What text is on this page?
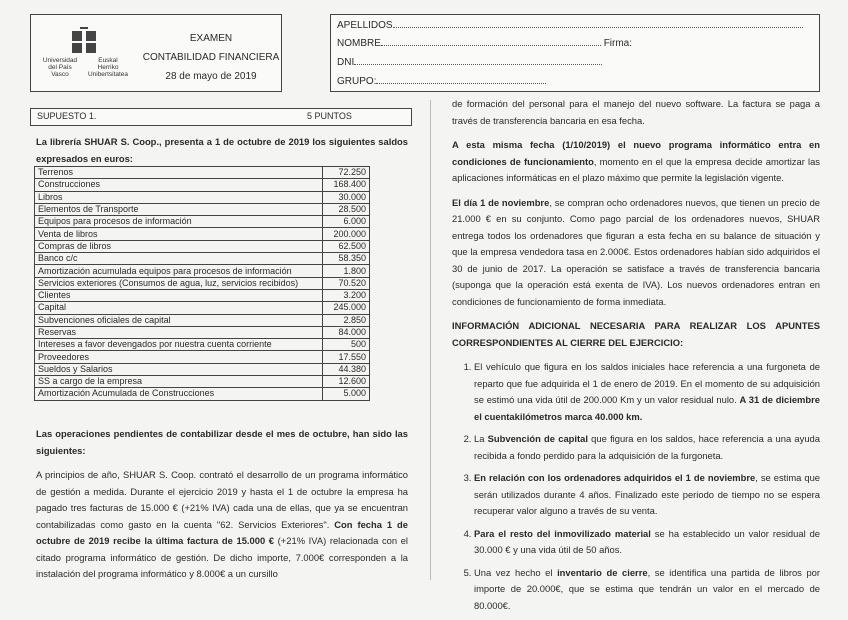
Universidad del País Vasco
Euskal Herriko Unibertsitatea
EXAMEN
CONTABILIDAD FINANCIERA
28 de mayo de 2019
APELLIDOS
NOMBRE	Firma:
DNI
GRUPO:
SUPUESTO 1.	5 PUNTOS

La librería SHUAR S. Coop., presenta a 1 de octubre de 2019 los siguientes saldos expresados en euros:

Terrenos	72.250
Construcciones	168.400
Libros	30.000
Elementos de Transporte	28.500
Equipos para procesos de información	6.000
Venta de libros	200.000
Compras de libros	62.500
Banco c/c	58.350
Amortización acumulada equipos para procesos de información	1.800
Servicios exteriores (Consumos de agua, luz, servicios recibidos)	70.520
Clientes	3.200
Capital	245.000
Subvenciones oficiales de capital	2.850
Reservas	84.000
Intereses a favor devengados por nuestra cuenta corriente	500
Proveedores	17.550
Sueldos y Salarios	44.380
SS a cargo de la empresa	12.600
Amortización Acumulada de Construcciones	5.000

Las operaciones pendientes de contabilizar desde el mes de octubre, han sido las siguientes:

A principios de año, SHUAR S. Coop. contrató el desarrollo de un programa informático de gestión a medida. Durante el ejercicio 2019 y hasta el 1 de octubre la empresa ha pagado tres facturas de 15.000 € (+21% IVA) cada una de ellas, que ya se encuentran contabilizadas como gasto en la cuenta "62. Servicios Exteriores". Con fecha 1 de octubre de 2019 recibe la última factura de 15.000 € (+21% IVA) relacionada con el citado programa informático de gestión. De dicho importe, 7.000€ corresponden a la instalación del programa informático y 8.000€ a un cursillo

de formación del personal para el manejo del nuevo software. La factura se paga a través de transferencia bancaria en esa fecha.

A esta misma fecha (1/10/2019) el nuevo programa informático entra en condiciones de funcionamiento, momento en el que la empresa decide amortizar las aplicaciones informáticas en el plazo máximo que permite la legislación vigente.

El día 1 de noviembre, se compran ocho ordenadores nuevos, que tienen un precio de 21.000 € en su conjunto. Como pago parcial de los ordenadores nuevos, SHUAR entrega todos los ordenadores que figuran a esta fecha en su balance de situación y que la empresa vendedora tasa en 2.000€. Estos ordenadores habían sido adquiridos el 30 de junio de 2017. La operación se satisface a través de transferencia bancaria (suponga que la operación está exenta de IVA). Los nuevos ordenadores entran en condiciones de funcionamiento de forma inmediata.

INFORMACIÓN ADICIONAL NECESARIA PARA REALIZAR LOS APUNTES CORRESPONDIENTES AL CIERRE DEL EJERCICIO:

1. El vehículo que figura en los saldos iniciales hace referencia a una furgoneta de reparto que fue adquirida el 1 de enero de 2019. En el momento de su adquisición se estimó una vida útil de 200.000 Km y un valor residual nulo. A 31 de diciembre el cuentakilómetros marca 40.000 km.
2. La Subvención de capital que figura en los saldos, hace referencia a una ayuda recibida a fondo perdido para la adquisición de la furgoneta.
3. En relación con los ordenadores adquiridos el 1 de noviembre, se estima que serán utilizados durante 4 años. Finalizado este periodo de tiempo no se espera recuperar valor alguno a través de su venta.
4. Para el resto del inmovilizado material se ha establecido un valor residual de 30.000 € y una vida útil de 50 años.
5. Una vez hecho el inventario de cierre, se identifica una partida de libros por importe de 20.000€, que se estima que tendrán un valor en el mercado de 80.000€.
